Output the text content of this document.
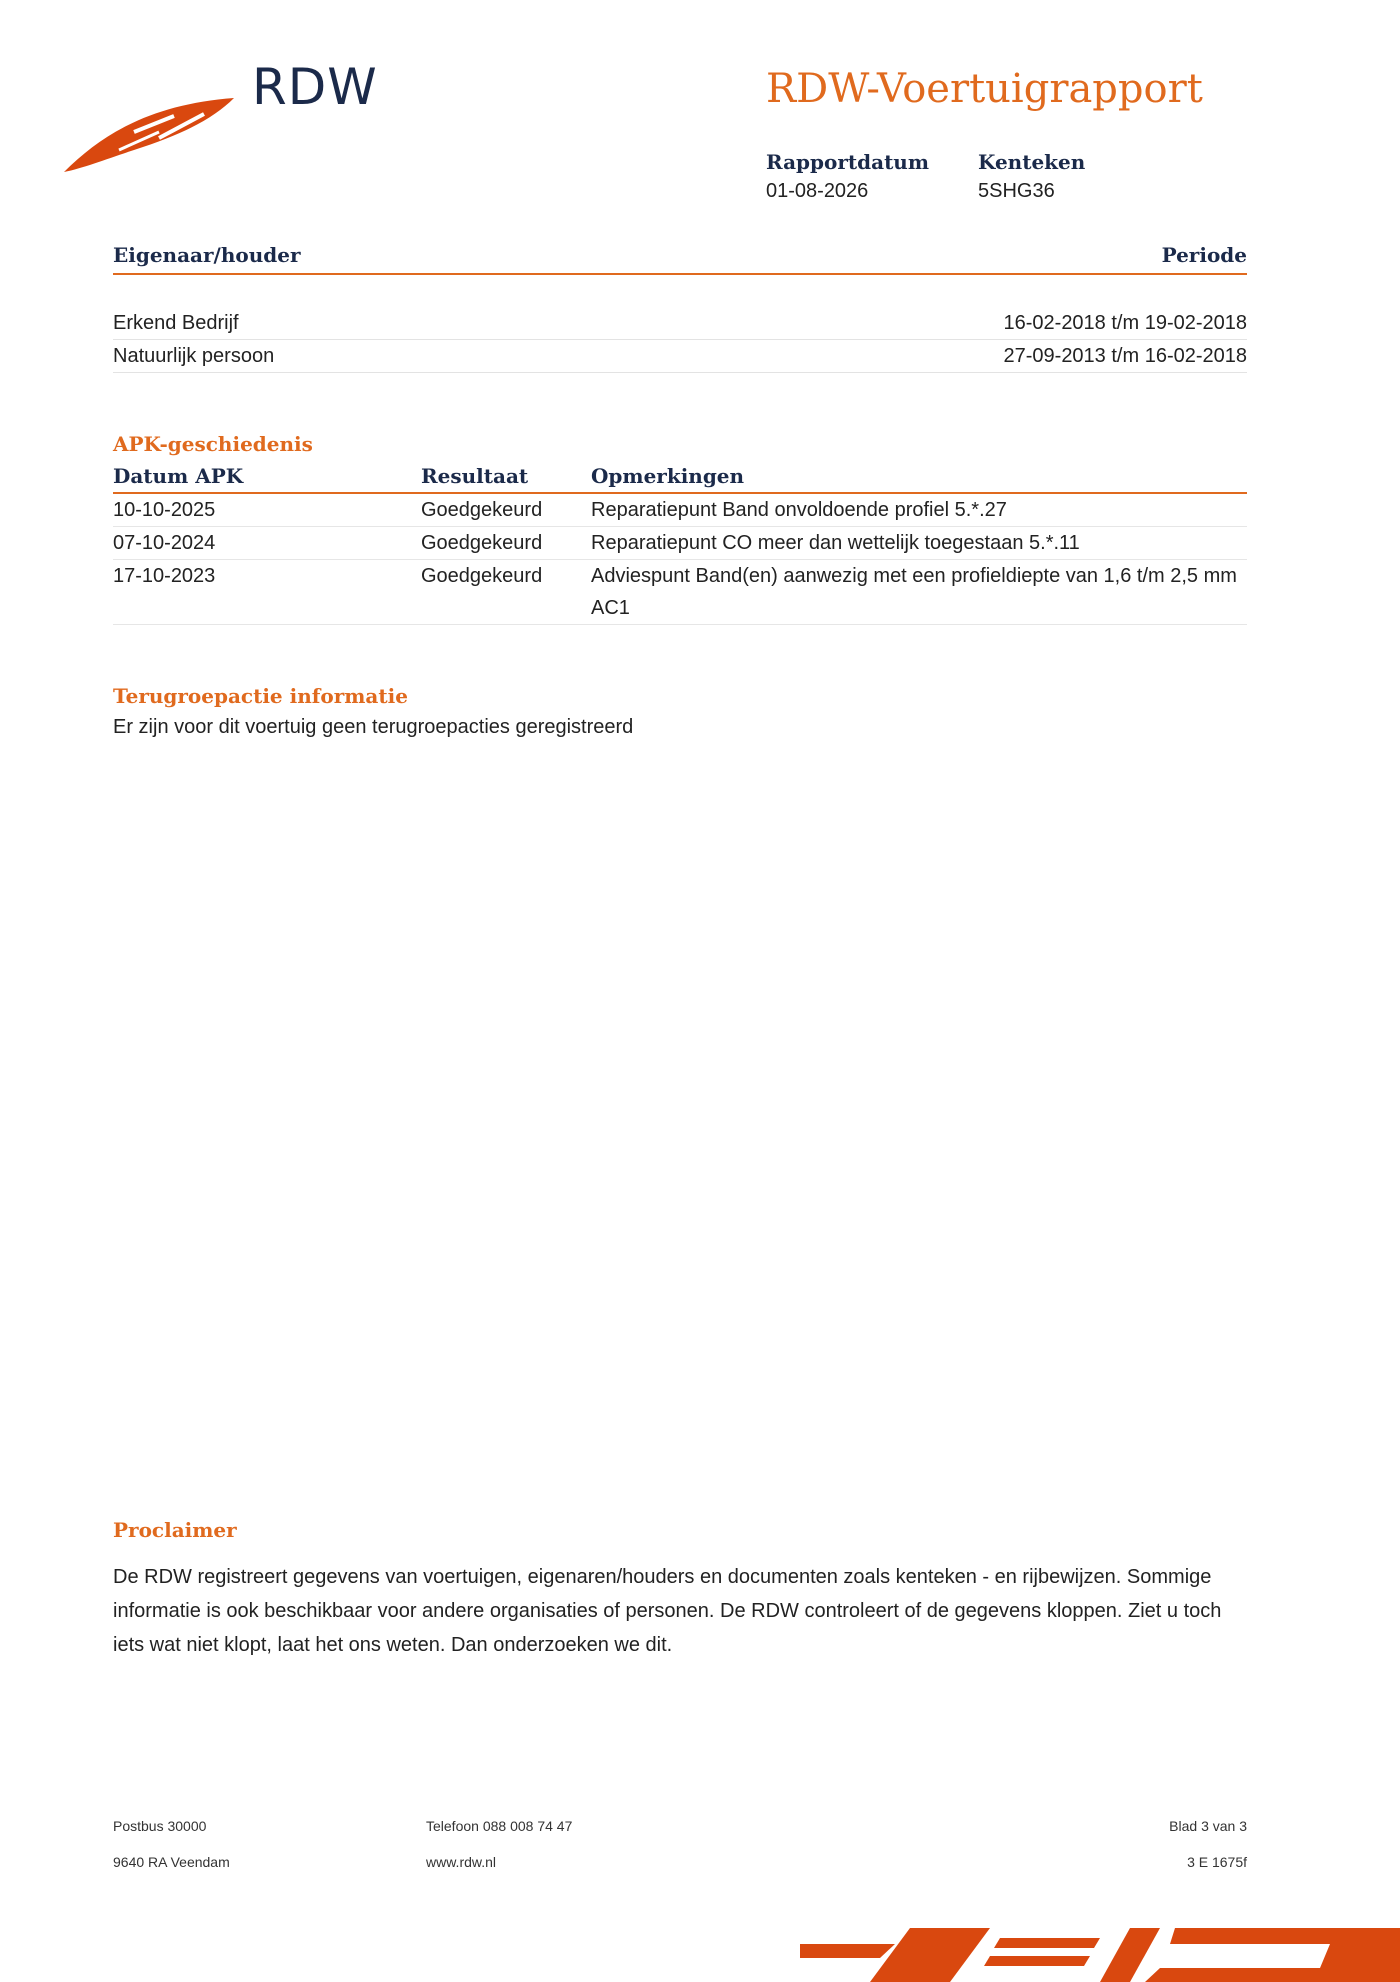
RDW	RDW-Voertuigrapport
Rapportdatum
01-08-2026
Kenteken
5SHG36
Eigenaar/houder	Periode
Erkend Bedrijf	16-02-2018 t/m 19-02-2018
Natuurlijk persoon	27-09-2013 t/m 16-02-2018
APK-geschiedenis
Datum APK	Resultaat	Opmerkingen
10-10-2025	Goedgekeurd	Reparatiepunt Band onvoldoende profiel 5.*.27
07-10-2024	Goedgekeurd	Reparatiepunt CO meer dan wettelijk toegestaan 5.*.11
17-10-2023	Goedgekeurd	Adviespunt Band(en) aanwezig met een profieldiepte van 1,6 t/m 2,5 mm AC1
Terugroepactie informatie

Er zijn voor dit voertuig geen terugroepacties geregistreerd

Proclaimer

De RDW registreert gegevens van voertuigen, eigenaren/houders en documenten zoals kenteken - en rijbewijzen. Sommige informatie is ook beschikbaar voor andere organisaties of personen. De RDW controleert of de gegevens kloppen. Ziet u toch iets wat niet klopt, laat het ons weten. Dan onderzoeken we dit.

Postbus 30000
9640 RA Veendam
Telefoon 088 008 74 47
www.rdw.nl
Blad 3 van 3
3 E 1675f
